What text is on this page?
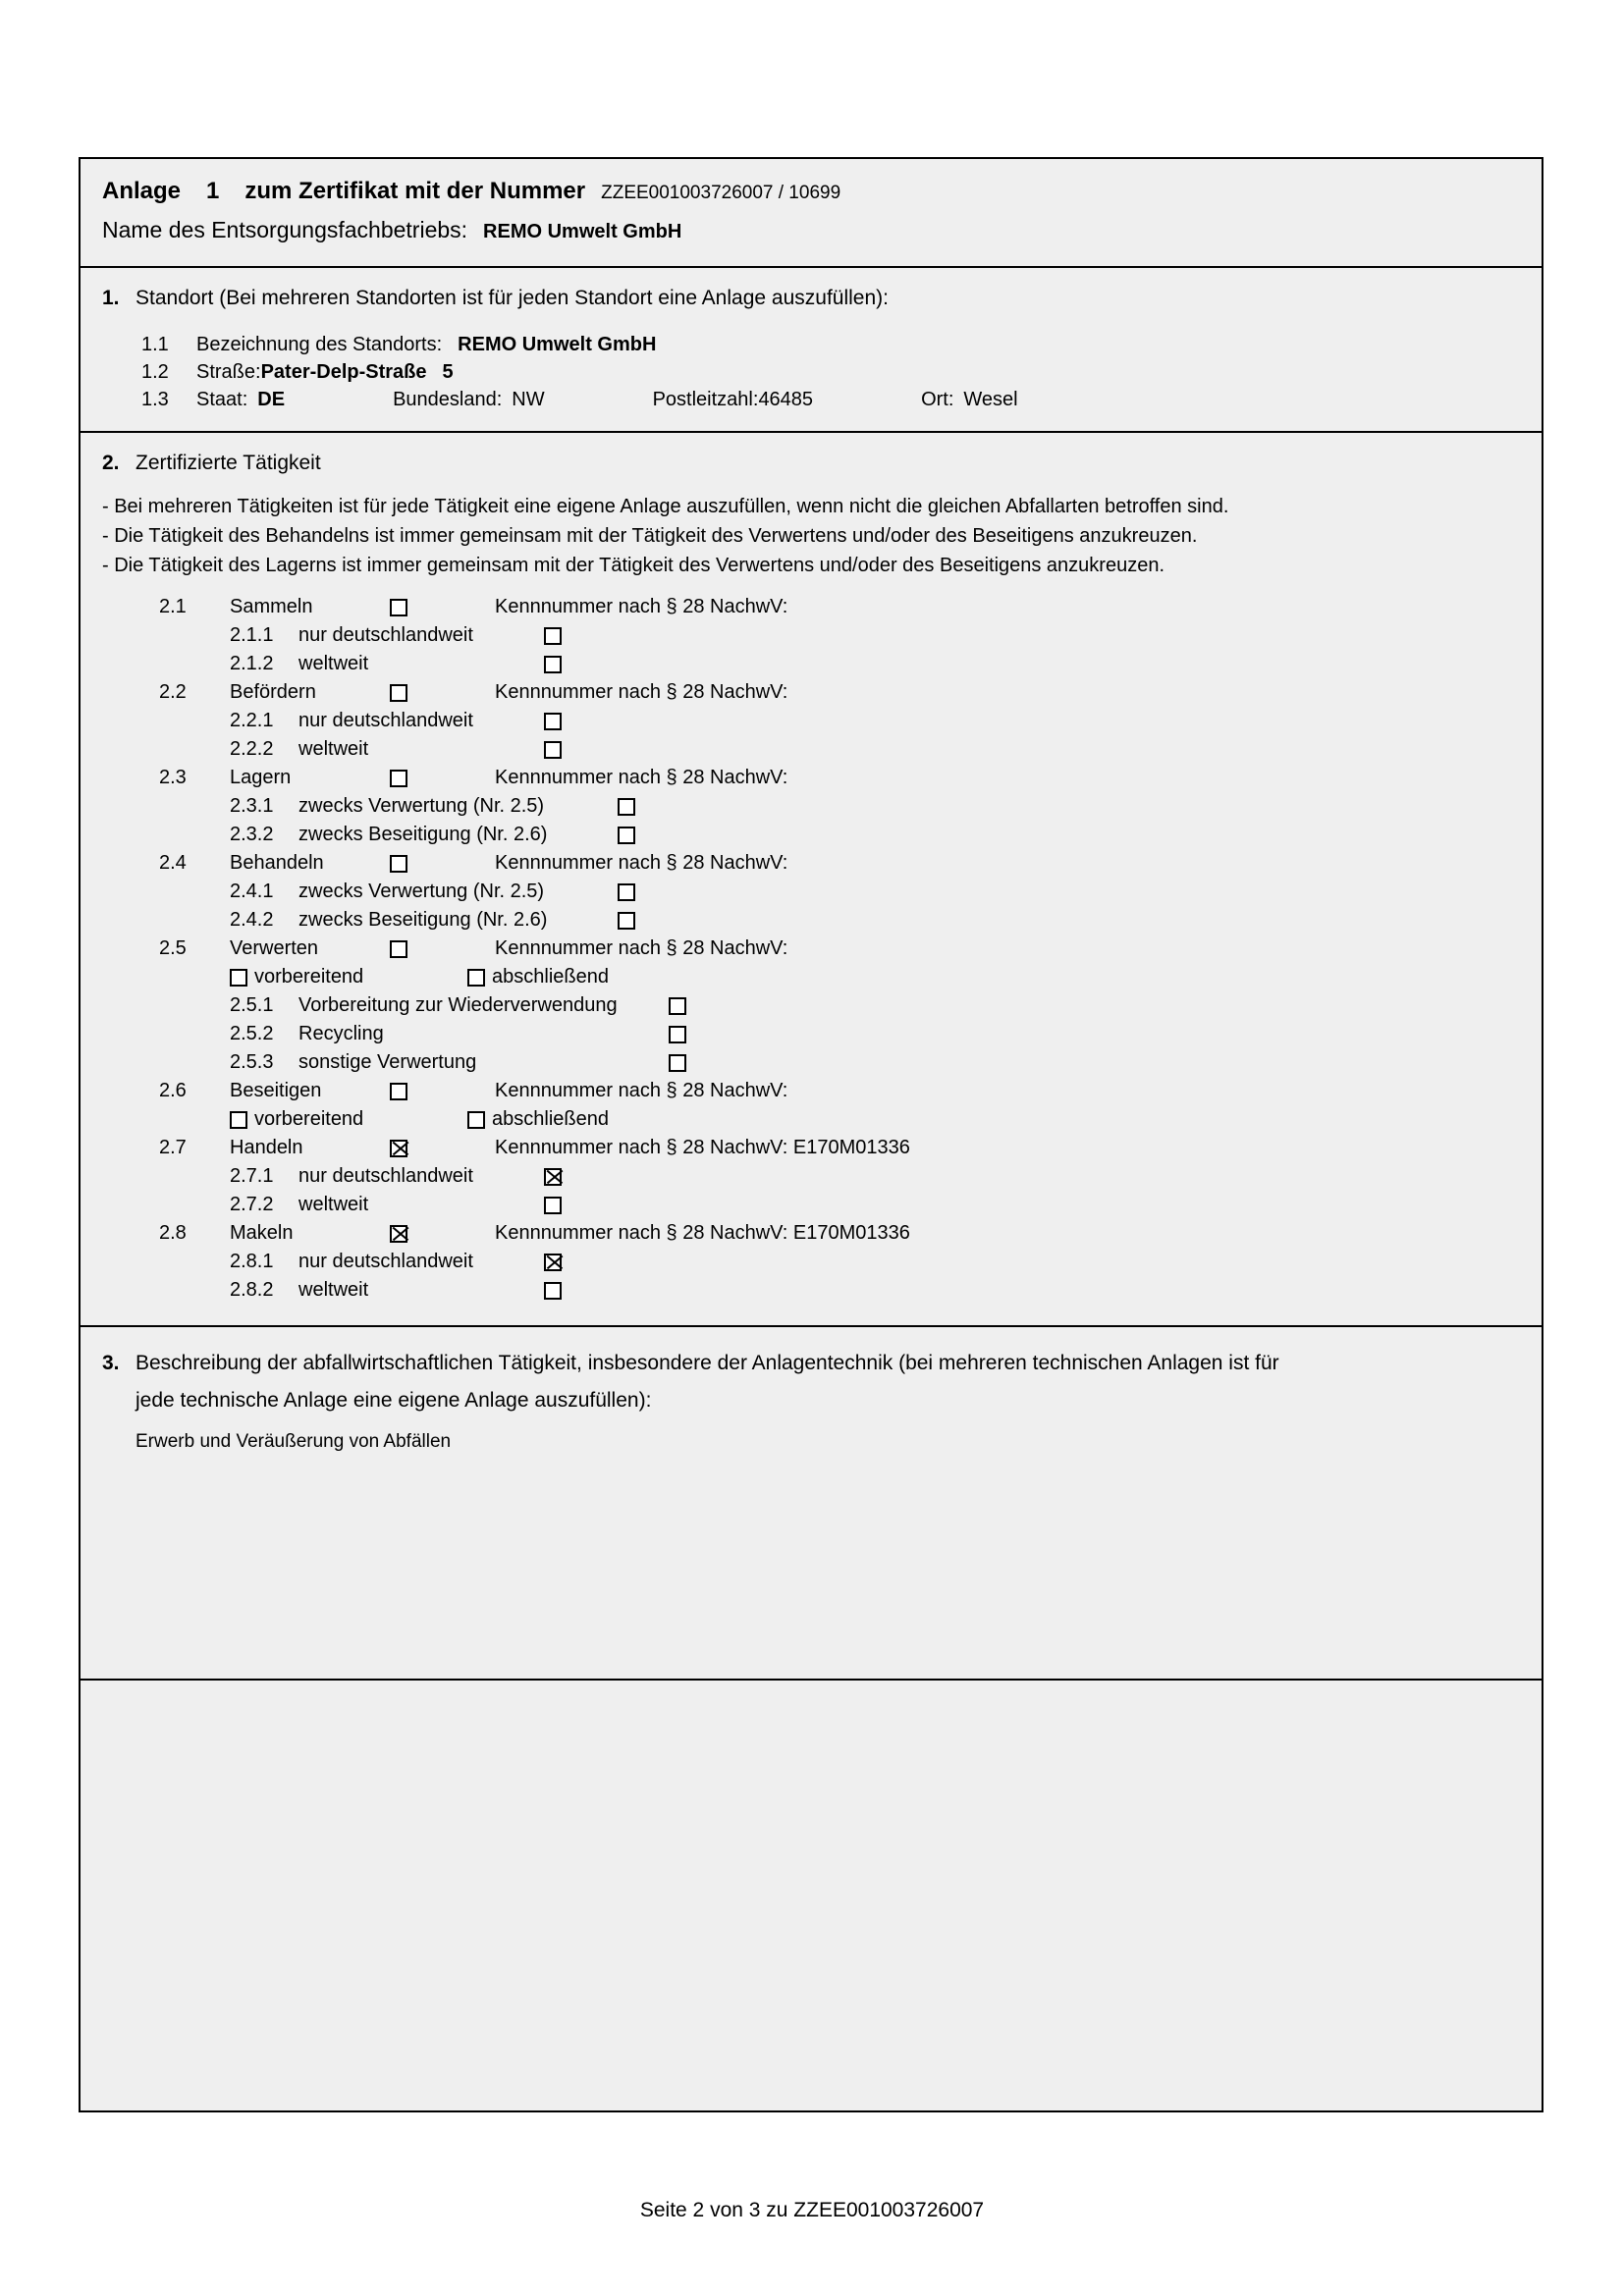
Anlage 1 zum Zertifikat mit der Nummer ZZEE001003726007 / 10699
Name des Entsorgungsfachbetriebs: REMO Umwelt GmbH
1. Standort (Bei mehreren Standorten ist für jeden Standort eine Anlage auszufüllen):
1.1 Bezeichnung des Standorts: REMO Umwelt GmbH
1.2 Straße:Pater-Delp-Straße 5
1.3 Staat: DE	Bundesland: NW	Postleitzahl:46485	Ort: Wesel
2. Zertifizierte Tätigkeit
- Bei mehreren Tätigkeiten ist für jede Tätigkeit eine eigene Anlage auszufüllen, wenn nicht die gleichen Abfallarten betroffen sind.
- Die Tätigkeit des Behandelns ist immer gemeinsam mit der Tätigkeit des Verwertens und/oder des Beseitigens anzukreuzen.
- Die Tätigkeit des Lagerns ist immer gemeinsam mit der Tätigkeit des Verwertens und/oder des Beseitigens anzukreuzen.
2.1 Sammeln	Kennnummer nach § 28 NachwV:
2.1.1 nur deutschlandweit
2.1.2 weltweit
2.2 Befördern	Kennnummer nach § 28 NachwV:
2.2.1 nur deutschlandweit
2.2.2 weltweit
2.3 Lagern	Kennnummer nach § 28 NachwV:
2.3.1 zwecks Verwertung (Nr. 2.5)
2.3.2 zwecks Beseitigung (Nr. 2.6)
2.4 Behandeln	Kennnummer nach § 28 NachwV:
2.4.1 zwecks Verwertung (Nr. 2.5)
2.4.2 zwecks Beseitigung (Nr. 2.6)
2.5 Verwerten	Kennnummer nach § 28 NachwV:
vorbereitend	abschließend
2.5.1 Vorbereitung zur Wiederverwendung
2.5.2 Recycling
2.5.3 sonstige Verwertung
2.6 Beseitigen	Kennnummer nach § 28 NachwV:
vorbereitend	abschließend
2.7 Handeln	Kennnummer nach § 28 NachwV: E170M01336
2.7.1 nur deutschlandweit
2.7.2 weltweit
2.8 Makeln	Kennnummer nach § 28 NachwV: E170M01336
2.8.1 nur deutschlandweit
2.8.2 weltweit
3. Beschreibung der abfallwirtschaftlichen Tätigkeit, insbesondere der Anlagentechnik (bei mehreren technischen Anlagen ist für
jede technische Anlage eine eigene Anlage auszufüllen):
Erwerb und Veräußerung von Abfällen
Seite 2 von 3 zu ZZEE001003726007
